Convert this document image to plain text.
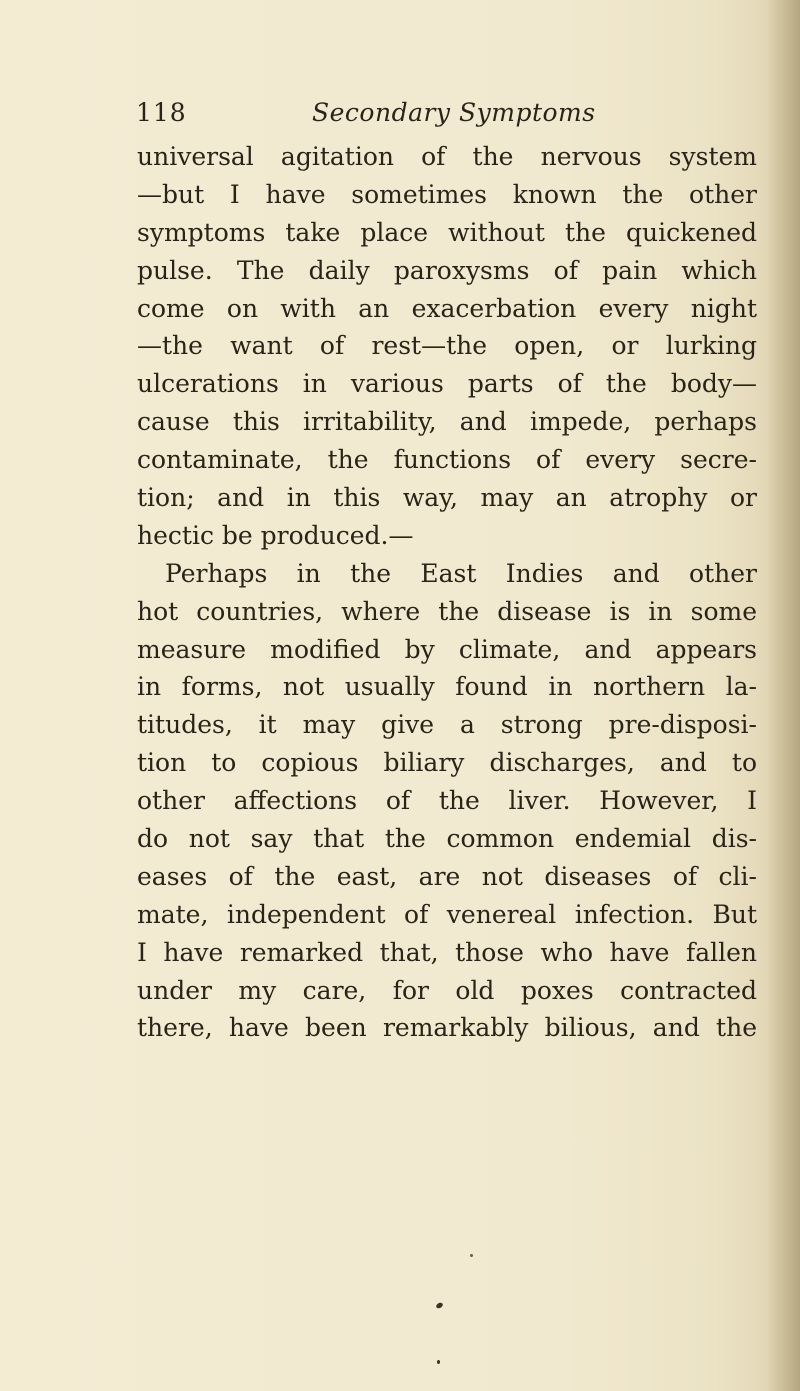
118	Secondary Symptoms
universal agitation of the nervous system
—but I have sometimes known the other
symptoms take place without the quickened
pulse. The daily paroxysms of pain which
come on with an exacerbation every night
—the want of rest—the open, or lurking
ulcerations in various parts of the body—
cause this irritability, and impede, perhaps
contaminate, the functions of every secre-
tion; and in this way, may an atrophy or
hectic be produced.—
Perhaps in the East Indies and other
hot countries, where the disease is in some
measure modified by climate, and appears
in forms, not usually found in northern la-
titudes, it may give a strong pre-disposi-
tion to copious biliary discharges, and to
other affections of the liver. However, I
do not say that the common endemial dis-
eases of the east, are not diseases of cli-
mate, independent of venereal infection. But
I have remarked that, those who have fallen
under my care, for old poxes contracted
there, have been remarkably bilious, and the
